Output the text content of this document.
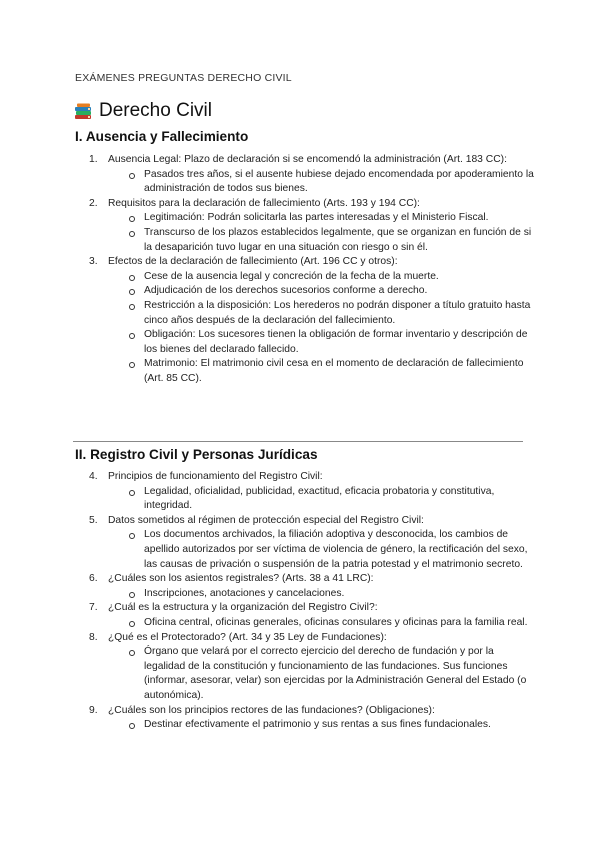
EXÁMENES PREGUNTAS DERECHO CIVIL
Derecho Civil
I. Ausencia y Fallecimiento
1. Ausencia Legal: Plazo de declaración si se encomendó la administración (Art. 183 CC):
Pasados tres años, si el ausente hubiese dejado encomendada por apoderamiento la administración de todos sus bienes.
2. Requisitos para la declaración de fallecimiento (Arts. 193 y 194 CC):
Legitimación: Podrán solicitarla las partes interesadas y el Ministerio Fiscal.
Transcurso de los plazos establecidos legalmente, que se organizan en función de si la desaparición tuvo lugar en una situación con riesgo o sin él.
3. Efectos de la declaración de fallecimiento (Art. 196 CC y otros):
Cese de la ausencia legal y concreción de la fecha de la muerte.
Adjudicación de los derechos sucesorios conforme a derecho.
Restricción a la disposición: Los herederos no podrán disponer a título gratuito hasta cinco años después de la declaración del fallecimiento.
Obligación: Los sucesores tienen la obligación de formar inventario y descripción de los bienes del declarado fallecido.
Matrimonio: El matrimonio civil cesa en el momento de declaración de fallecimiento (Art. 85 CC).
II. Registro Civil y Personas Jurídicas
4. Principios de funcionamiento del Registro Civil:
Legalidad, oficialidad, publicidad, exactitud, eficacia probatoria y constitutiva, integridad.
5. Datos sometidos al régimen de protección especial del Registro Civil:
Los documentos archivados, la filiación adoptiva y desconocida, los cambios de apellido autorizados por ser víctima de violencia de género, la rectificación del sexo, las causas de privación o suspensión de la patria potestad y el matrimonio secreto.
6. ¿Cuáles son los asientos registrales? (Arts. 38 a 41 LRC):
Inscripciones, anotaciones y cancelaciones.
7. ¿Cuál es la estructura y la organización del Registro Civil?:
Oficina central, oficinas generales, oficinas consulares y oficinas para la familia real.
8. ¿Qué es el Protectorado? (Art. 34 y 35 Ley de Fundaciones):
Órgano que velará por el correcto ejercicio del derecho de fundación y por la legalidad de la constitución y funcionamiento de las fundaciones. Sus funciones (informar, asesorar, velar) son ejercidas por la Administración General del Estado (o autonómica).
9. ¿Cuáles son los principios rectores de las fundaciones? (Obligaciones):
Destinar efectivamente el patrimonio y sus rentas a sus fines fundacionales.
